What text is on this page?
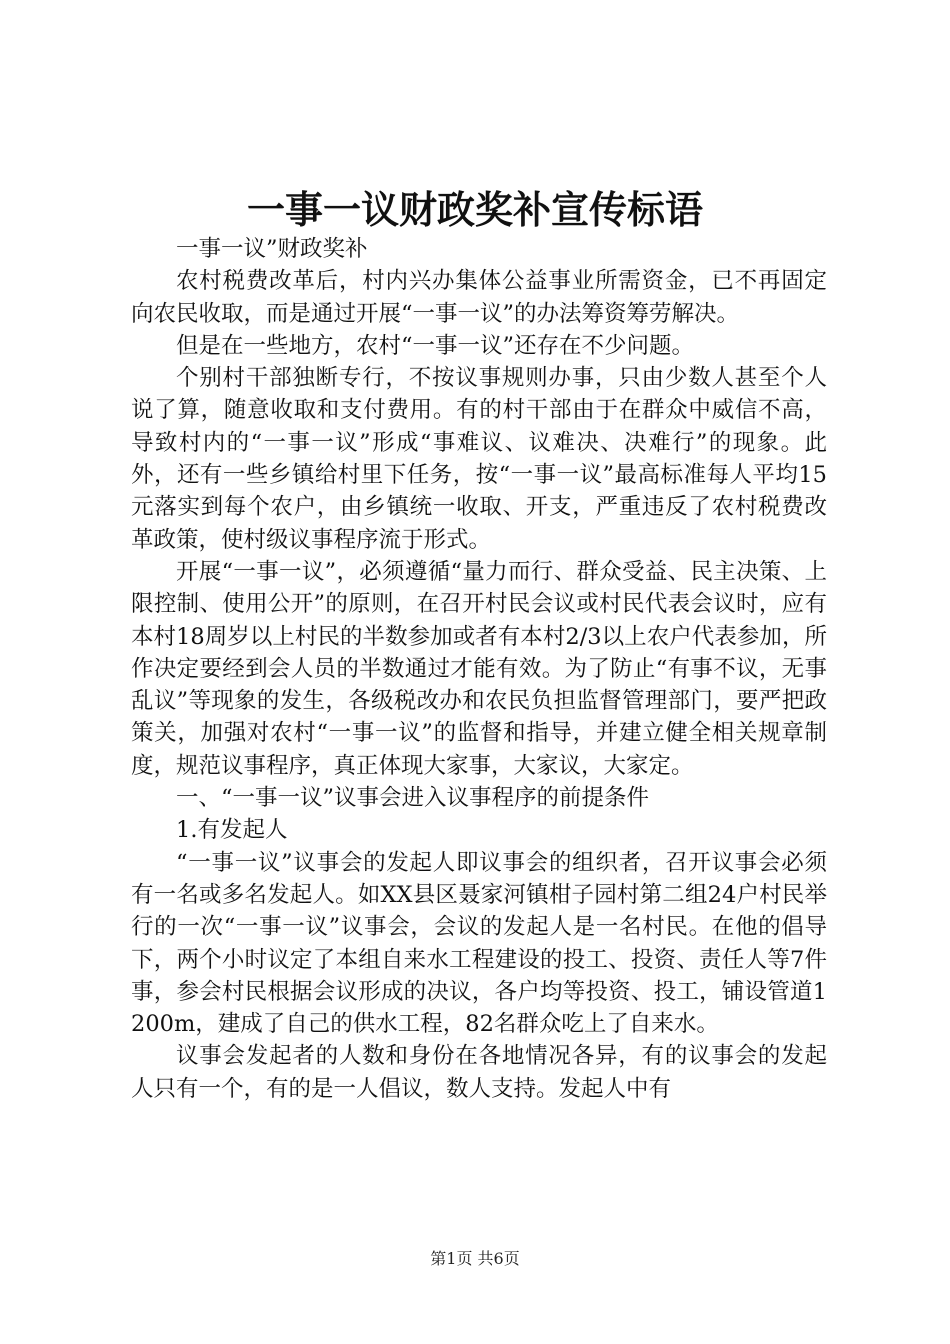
一事一议财政奖补宣传标语

一事一议”财政奖补

农村税费改革后，村内兴办集体公益事业所需资金，已不再固定向农民收取，而是通过开展“一事一议”的办法筹资筹劳解决。

但是在一些地方，农村“一事一议”还存在不少问题。

个别村干部独断专行，不按议事规则办事，只由少数人甚至个人说了算，随意收取和支付费用。有的村干部由于在群众中威信不高，导致村内的“一事一议”形成“事难议、议难决、决难行”的现象。此外，还有一些乡镇给村里下任务，按“一事一议”最高标准每人平均15元落实到每个农户，由乡镇统一收取、开支，严重违反了农村税费改革政策，使村级议事程序流于形式。

开展“一事一议”，必须遵循“量力而行、群众受益、民主决策、上限控制、使用公开”的原则，在召开村民会议或村民代表会议时，应有本村18周岁以上村民的半数参加或者有本村2/3以上农户代表参加，所作决定要经到会人员的半数通过才能有效。为了防止“有事不议，无事乱议”等现象的发生，各级税改办和农民负担监督管理部门，要严把政策关，加强对农村“一事一议”的监督和指导，并建立健全相关规章制度，规范议事程序，真正体现大家事，大家议，大家定。

一、“一事一议”议事会进入议事程序的前提条件

1.有发起人

“一事一议”议事会的发起人即议事会的组织者，召开议事会必须有一名或多名发起人。如XX县区聂家河镇柑子园村第二组24户村民举行的一次“一事一议”议事会，会议的发起人是一名村民。在他的倡导下，两个小时议定了本组自来水工程建设的投工、投资、责任人等7件事，参会村民根据会议形成的决议，各户均等投资、投工，铺设管道1200m，建成了自己的供水工程，82名群众吃上了自来水。

议事会发起者的人数和身份在各地情况各异，有的议事会的发起人只有一个，有的是一人倡议，数人支持。发起人中有

第1页 共6页
